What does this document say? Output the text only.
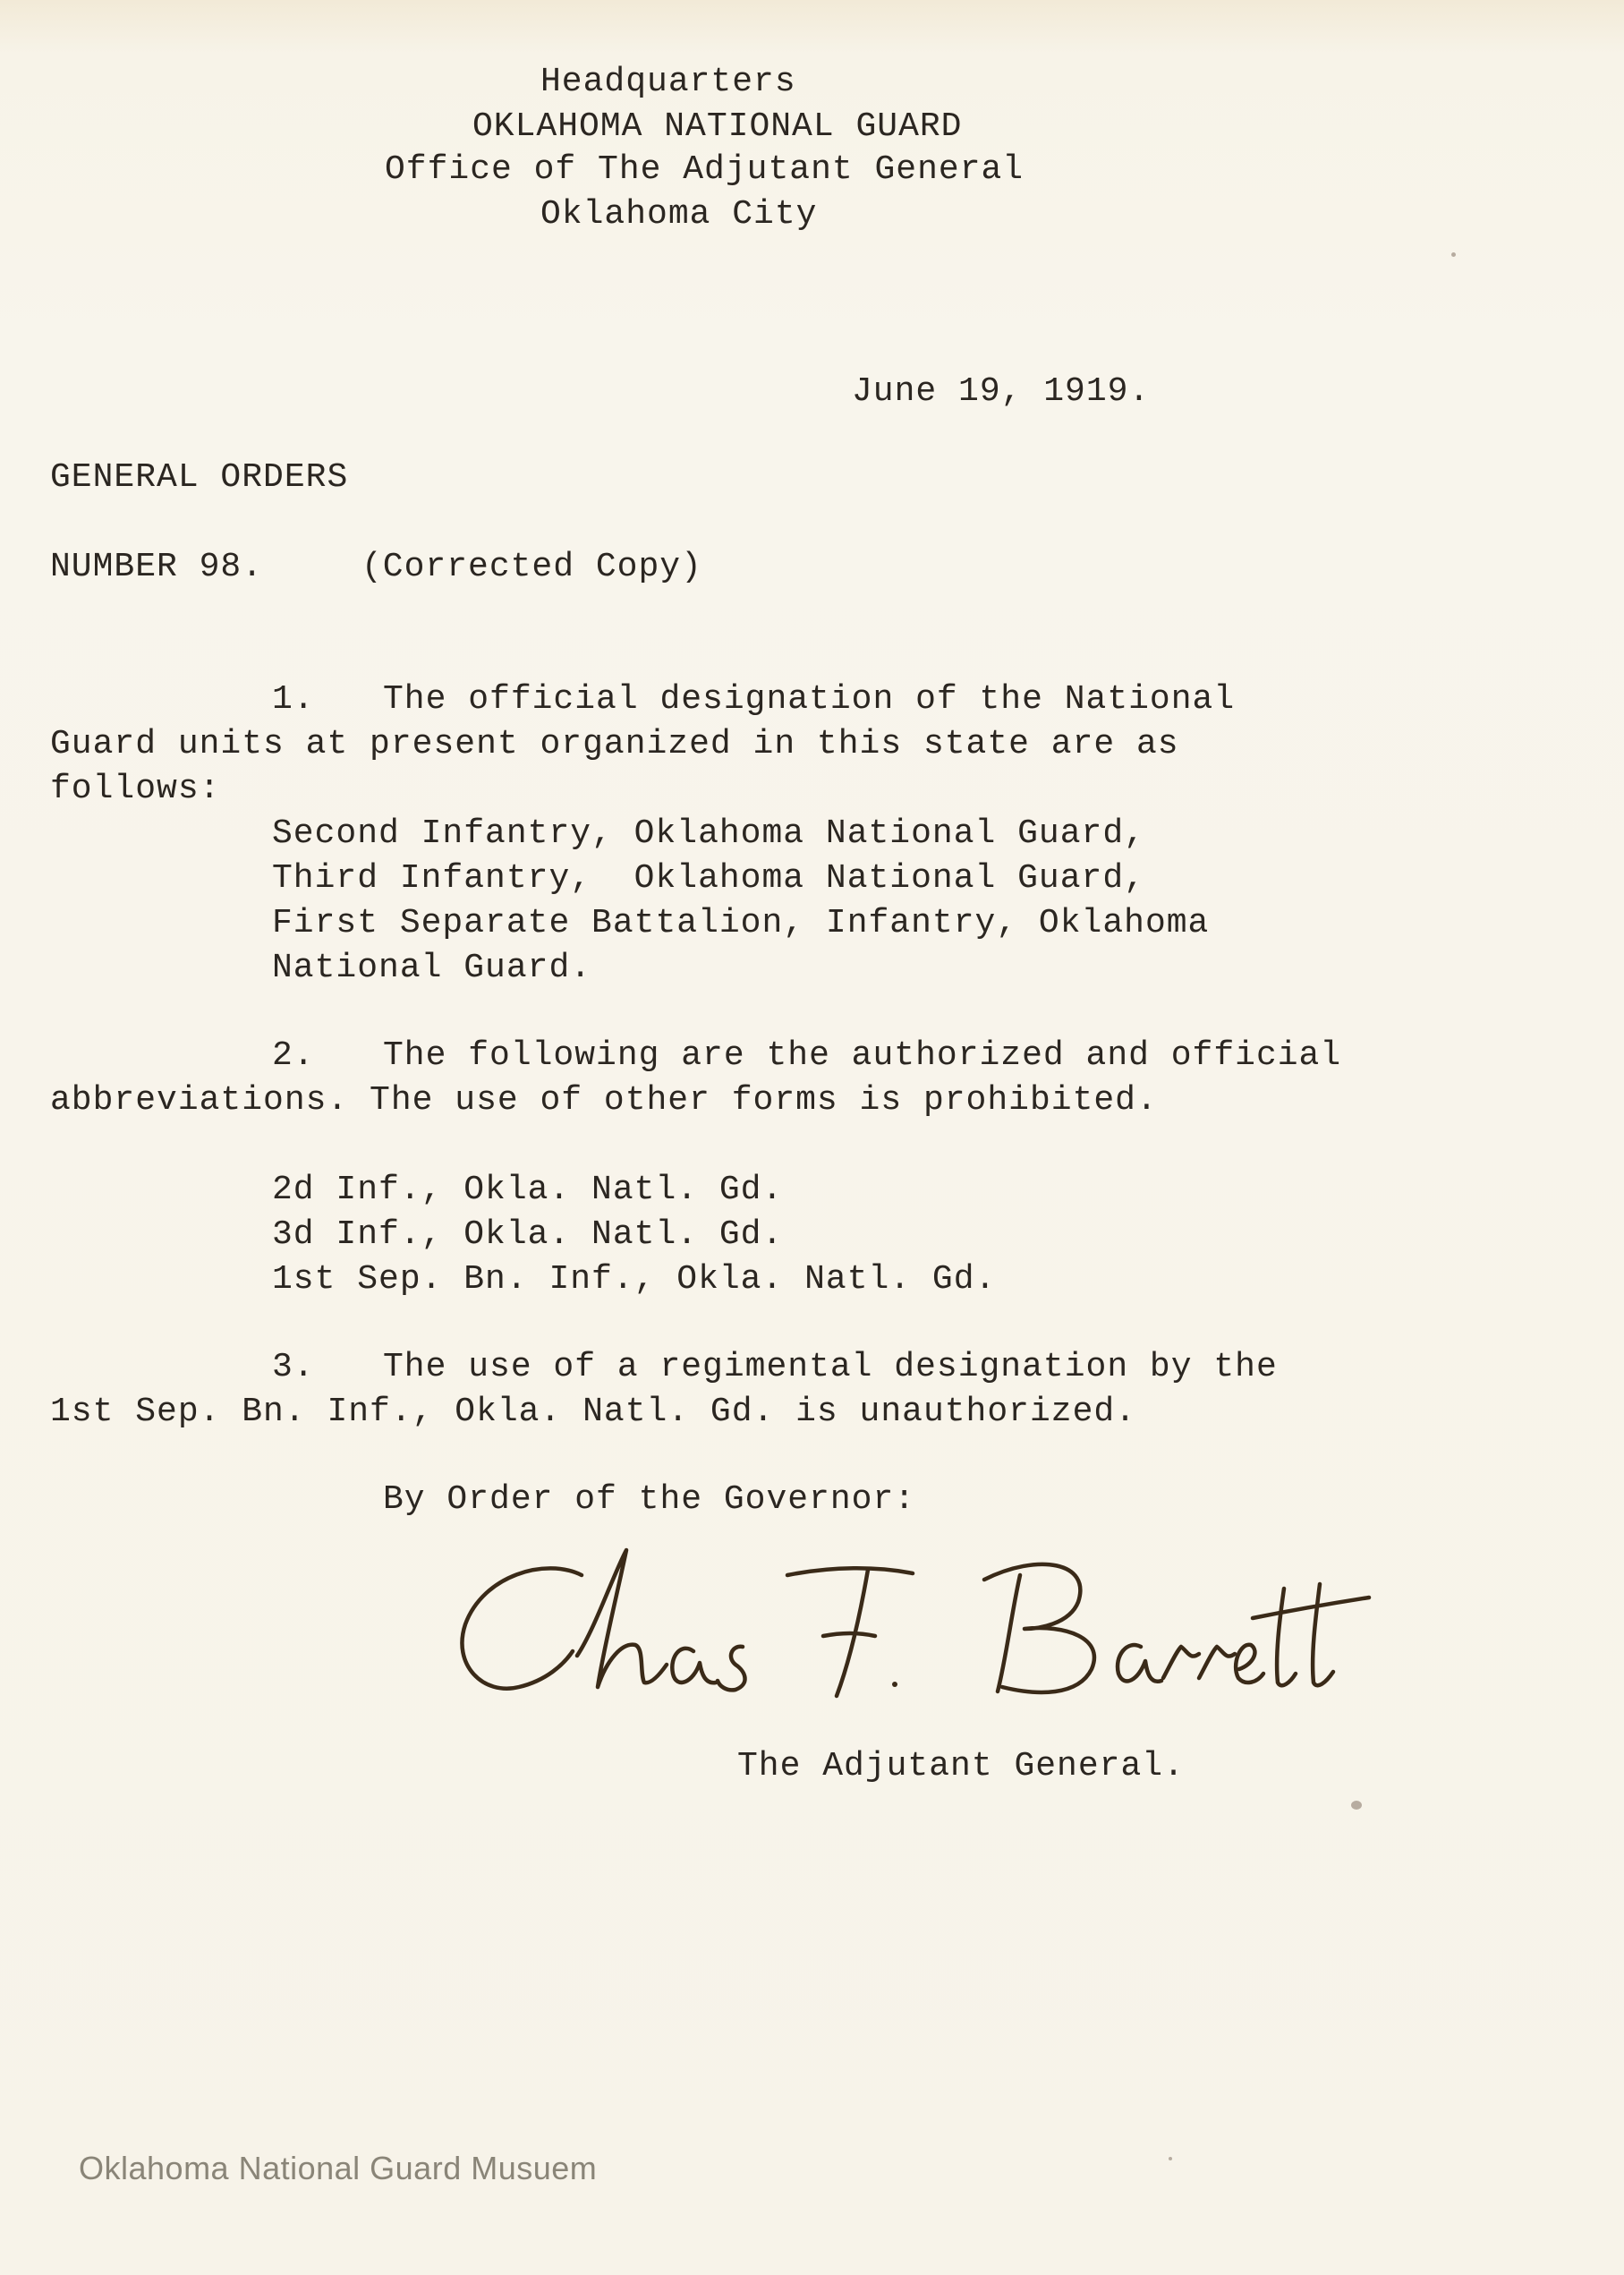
Headquarters
OKLAHOMA NATIONAL GUARD
Office of The Adjutant General
Oklahoma City
June 19, 1919.
GENERAL ORDERS
NUMBER 98.	(Corrected Copy)
1. The official designation of the National
Guard units at present organized in this state are as
follows:
Second Infantry, Oklahoma National Guard,
Third Infantry,  Oklahoma National Guard,
First Separate Battalion, Infantry, Oklahoma
National Guard.
2. The following are the authorized and official
abbreviations. The use of other forms is prohibited.
2d Inf., Okla. Natl. Gd.
3d Inf., Okla. Natl. Gd.
1st Sep. Bn. Inf., Okla. Natl. Gd.
3. The use of a regimental designation by the
1st Sep. Bn. Inf., Okla. Natl. Gd. is unauthorized.
By Order of the Governor:
The Adjutant General.
Oklahoma National Guard Musuem
